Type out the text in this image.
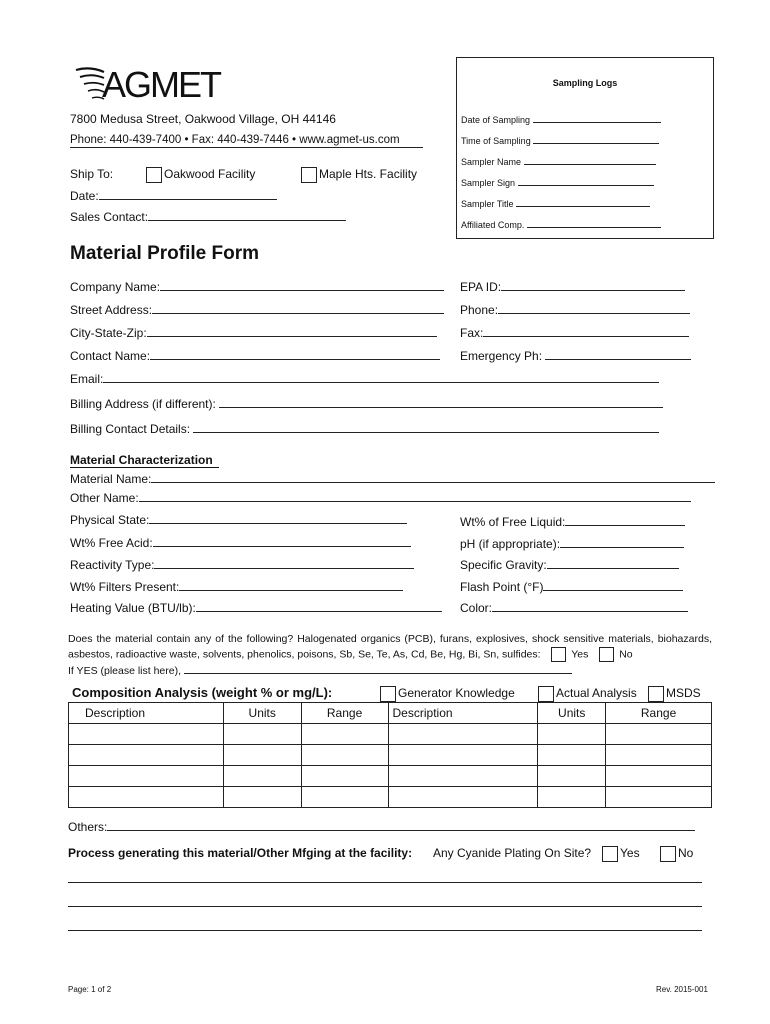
AGMET
7800 Medusa Street, Oakwood Village, OH 44146
Phone: 440-439-7400 • Fax: 440-439-7446 • www.agmet-us.com
Ship To:	Oakwood Facility	Maple Hts. Facility
Date:
Sales Contact:
Sampling Logs
Date of Sampling
Time of Sampling
Sampler Name
Sampler Sign
Sampler Title
Affiliated Comp.
Material Profile Form
Company Name:	EPA ID:
Street Address:	Phone:
City-State-Zip:	Fax:
Contact Name:	Emergency Ph:
Email:
Billing Address (if different):
Billing Contact Details:
Material Characterization
Material Name:
Other Name:
Physical State:	Wt% of Free Liquid:
Wt% Free Acid:	pH (if appropriate):
Reactivity Type:	Specific Gravity:
Wt% Filters Present:	Flash Point (°F)
Heating Value (BTU/lb):	Color:
Does the material contain any of the following? Halogenated organics (PCB), furans, explosives, shock sensitive materials, biohazards, asbestos, radioactive waste, solvents, phenolics, poisons, Sb, Se, Te, As, Cd, Be, Hg, Bi, Sn, sulfides:	Yes	No
If YES (please list here),
Composition Analysis (weight % or mg/L):	Generator Knowledge	Actual Analysis	MSDS
Description	Units	Range	Description	Units	Range

Others:
Process generating this material/Other Mfging at the facility: Any Cyanide Plating On Site?	Yes	No
Page: 1 of 2	Rev. 2015-001
